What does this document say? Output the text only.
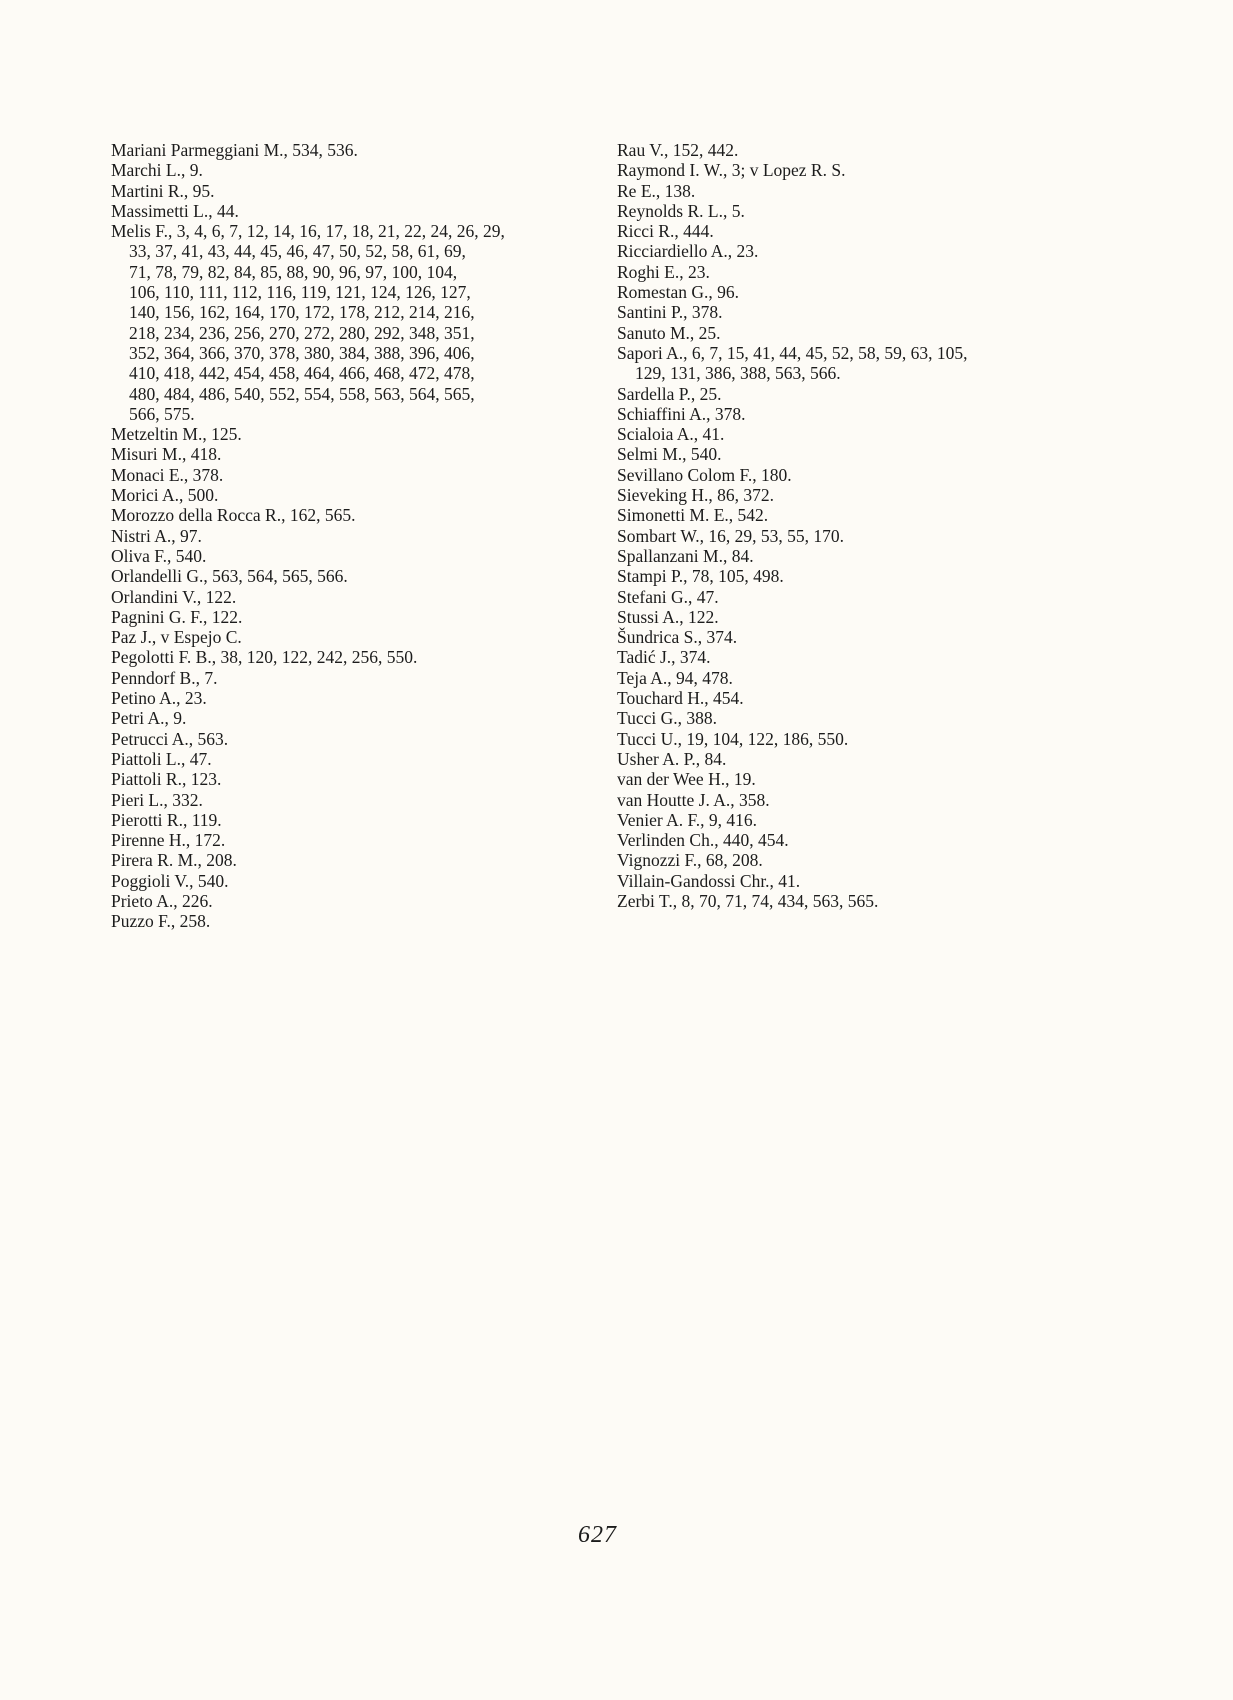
Mariani Parmeggiani M., 534, 536.
Marchi L., 9.
Martini R., 95.
Massimetti L., 44.
Melis F., 3, 4, 6, 7, 12, 14, 16, 17, 18, 21, 22, 24, 26, 29,
33, 37, 41, 43, 44, 45, 46, 47, 50, 52, 58, 61, 69,
71, 78, 79, 82, 84, 85, 88, 90, 96, 97, 100, 104,
106, 110, 111, 112, 116, 119, 121, 124, 126, 127,
140, 156, 162, 164, 170, 172, 178, 212, 214, 216,
218, 234, 236, 256, 270, 272, 280, 292, 348, 351,
352, 364, 366, 370, 378, 380, 384, 388, 396, 406,
410, 418, 442, 454, 458, 464, 466, 468, 472, 478,
480, 484, 486, 540, 552, 554, 558, 563, 564, 565,
566, 575.
Metzeltin M., 125.
Misuri M., 418.
Monaci E., 378.
Morici A., 500.
Morozzo della Rocca R., 162, 565.
Nistri A., 97.
Oliva F., 540.
Orlandelli G., 563, 564, 565, 566.
Orlandini V., 122.
Pagnini G. F., 122.
Paz J., v Espejo C.
Pegolotti F. B., 38, 120, 122, 242, 256, 550.
Penndorf B., 7.
Petino A., 23.
Petri A., 9.
Petrucci A., 563.
Piattoli L., 47.
Piattoli R., 123.
Pieri L., 332.
Pierotti R., 119.
Pirenne H., 172.
Pirera R. M., 208.
Poggioli V., 540.
Prieto A., 226.
Puzzo F., 258.
Rau V., 152, 442.
Raymond I. W., 3; v Lopez R. S.
Re E., 138.
Reynolds R. L., 5.
Ricci R., 444.
Ricciardiello A., 23.
Roghi E., 23.
Romestan G., 96.
Santini P., 378.
Sanuto M., 25.
Sapori A., 6, 7, 15, 41, 44, 45, 52, 58, 59, 63, 105,
129, 131, 386, 388, 563, 566.
Sardella P., 25.
Schiaffini A., 378.
Scialoia A., 41.
Selmi M., 540.
Sevillano Colom F., 180.
Sieveking H., 86, 372.
Simonetti M. E., 542.
Sombart W., 16, 29, 53, 55, 170.
Spallanzani M., 84.
Stampi P., 78, 105, 498.
Stefani G., 47.
Stussi A., 122.
Šundrica S., 374.
Tadić J., 374.
Teja A., 94, 478.
Touchard H., 454.
Tucci G., 388.
Tucci U., 19, 104, 122, 186, 550.
Usher A. P., 84.
van der Wee H., 19.
van Houtte J. A., 358.
Venier A. F., 9, 416.
Verlinden Ch., 440, 454.
Vignozzi F., 68, 208.
Villain-Gandossi Chr., 41.
Zerbi T., 8, 70, 71, 74, 434, 563, 565.
627
